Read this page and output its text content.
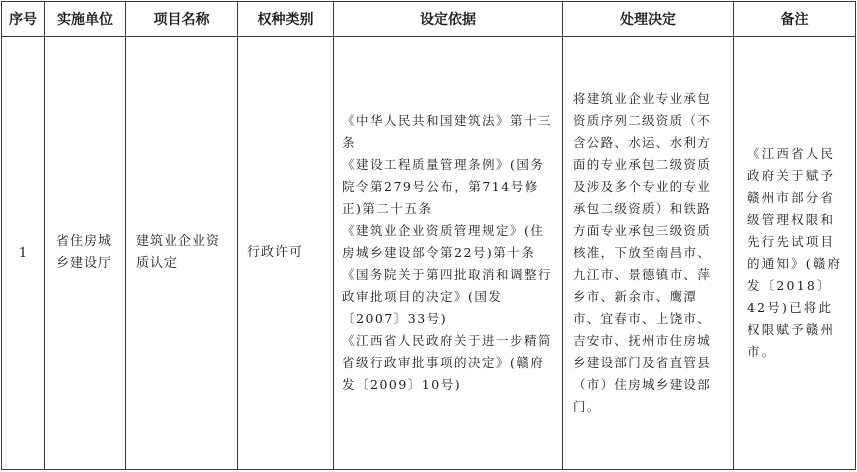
序号	实施单位	项目名称	权种类别	设定依据	处理决定	备注
1	省住房城乡建设厅	建筑业企业资质认定	行政许可	《中华人民共和国建筑法》第十三条
《建设工程质量管理条例》(国务院令第279号公布，第714号修正)第二十五条
《建筑业企业资质管理规定》(住房城乡建设部令第22号)第十条
《国务院关于第四批取消和调整行政审批项目的决定》(国发〔2007〕33号)
《江西省人民政府关于进一步精简省级行政审批事项的决定》(赣府发〔2009〕10号)	将建筑业企业专业承包资质序列二级资质（不含公路、水运、水利方面的专业承包二级资质及涉及多个专业的专业承包二级资质）和铁路方面专业承包三级资质核准，下放至南昌市、九江市、景德镇市、萍乡市、新余市、鹰潭市、宜春市、上饶市、吉安市、抚州市住房城乡建设部门及省直管县（市）住房城乡建设部门。	《江西省人民政府关于赋予赣州市部分省级管理权限和先行先试项目的通知》(赣府发〔2018〕42号)已将此权限赋予赣州市。
